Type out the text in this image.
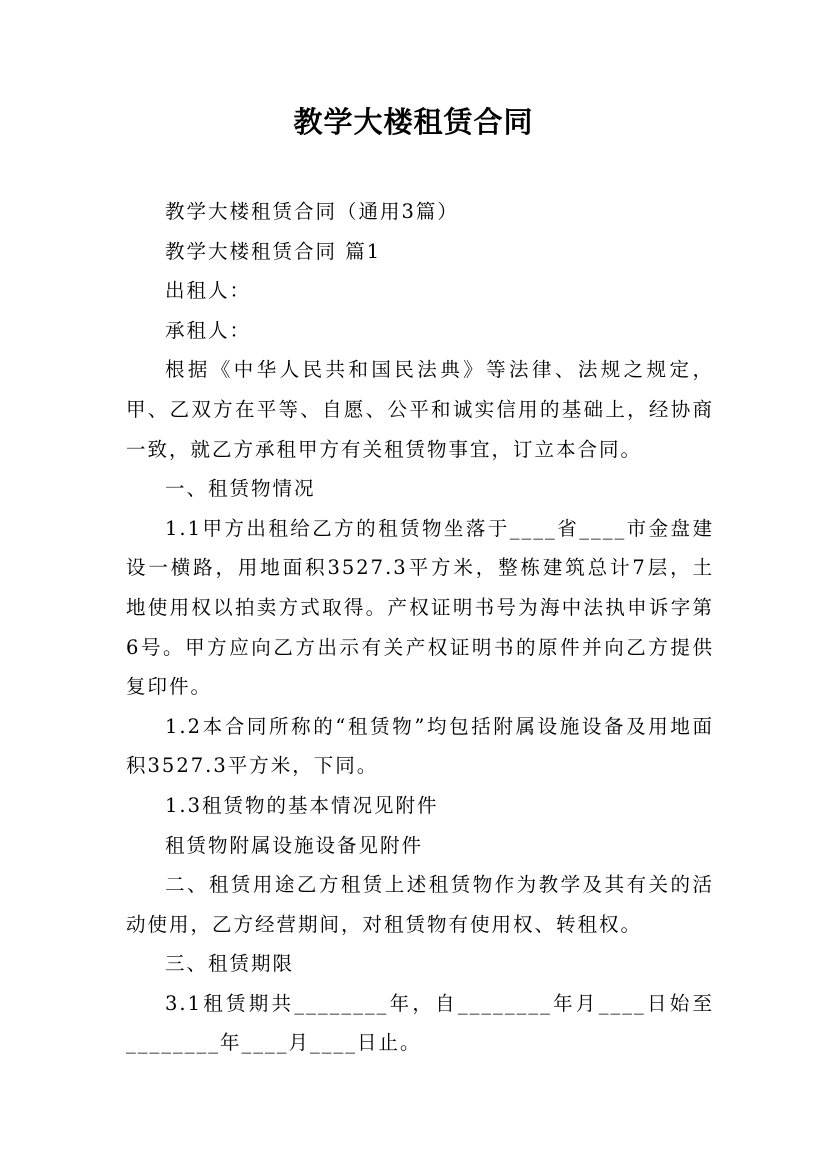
教学大楼租赁合同

教学大楼租赁合同（通用3篇）

教学大楼租赁合同 篇1

出租人：

承租人：

根据《中华人民共和国民法典》等法律、法规之规定，甲、乙双方在平等、自愿、公平和诚实信用的基础上，经协商一致，就乙方承租甲方有关租赁物事宜，订立本合同。

一、租赁物情况

1.1甲方出租给乙方的租赁物坐落于____省____市金盘建设一横路，用地面积3527.3平方米，整栋建筑总计7层，土地使用权以拍卖方式取得。产权证明书号为海中法执申诉字第6号。甲方应向乙方出示有关产权证明书的原件并向乙方提供复印件。

1.2本合同所称的“租赁物”均包括附属设施设备及用地面积3527.3平方米，下同。

1.3租赁物的基本情况见附件

租赁物附属设施设备见附件

二、租赁用途乙方租赁上述租赁物作为教学及其有关的活动使用，乙方经营期间，对租赁物有使用权、转租权。

三、租赁期限

3.1租赁期共________年，自________年月____日始至________年____月____日止。
